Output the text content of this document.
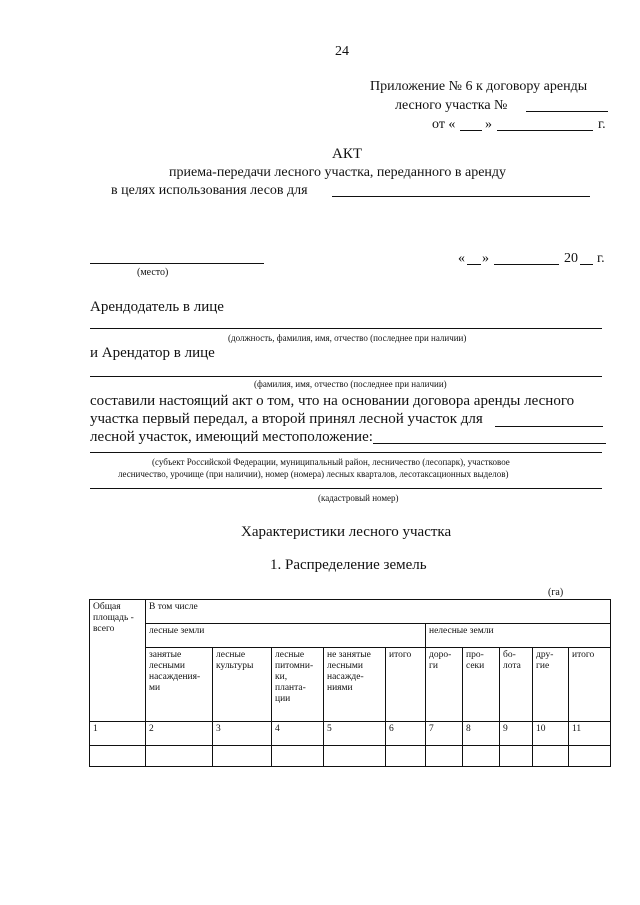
24
Приложение № 6 к договору аренды
лесного участка №
от « »	г.
АКТ
приема-передачи лесного участка, переданного в аренду
в целях использования лесов для
(место)
« »	20 г.
Арендодатель в лице
(должность, фамилия, имя, отчество (последнее при наличии)
и Арендатор в лице
(фамилия, имя, отчество (последнее при наличии)
составили настоящий акт о том, что на основании договора аренды лесного
участка первый передал, а второй принял лесной участок для
лесной участок, имеющий местоположение:
(субъект Российской Федерации, муниципальный район, лесничество (лесопарк), участковое
лесничество, урочище (при наличии), номер (номера) лесных кварталов, лесотаксационных выделов)
(кадастровый номер)
Характеристики лесного участка
1. Распределение земель
(га)
Общая площадь - всего	В том числе									
	лесные земли					нелесные земли				
	занятые лесными насаждения-ми	лесные культуры	лесные питомни-ки, планта-ции	не занятые лесными насажде-ниями	итого	доро-ги	про-секи	бо-лота	дру-гие	итого
1	2	3	4	5	6	7	8	9	10	11
